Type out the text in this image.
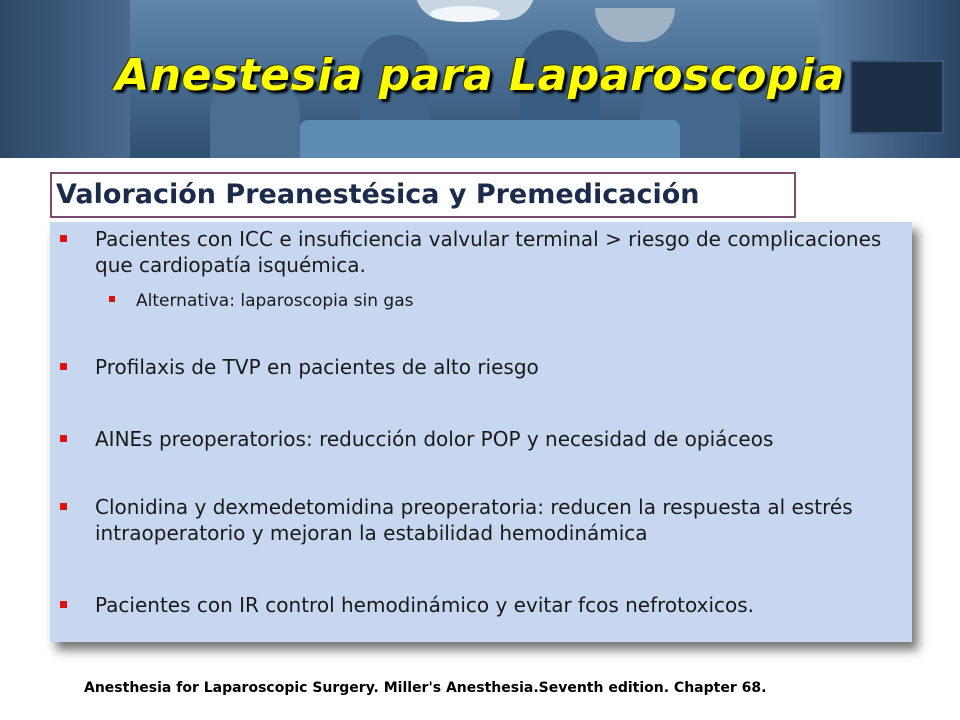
Anestesia para Laparoscopia
Valoración Preanestésica y Premedicación
Pacientes con ICC e insuficiencia valvular terminal > riesgo de complicaciones que cardiopatía isquémica.
Alternativa: laparoscopia sin gas
Profilaxis de TVP en pacientes de alto riesgo
AINEs preoperatorios: reducción dolor POP y necesidad de opiáceos
Clonidina y dexmedetomidina preoperatoria: reducen la respuesta al estrés intraoperatorio y mejoran la estabilidad hemodinámica
Pacientes con IR control hemodinámico y evitar fcos nefrotoxicos.

Anesthesia for Laparoscopic Surgery. Miller's Anesthesia.Seventh edition. Chapter 68.
